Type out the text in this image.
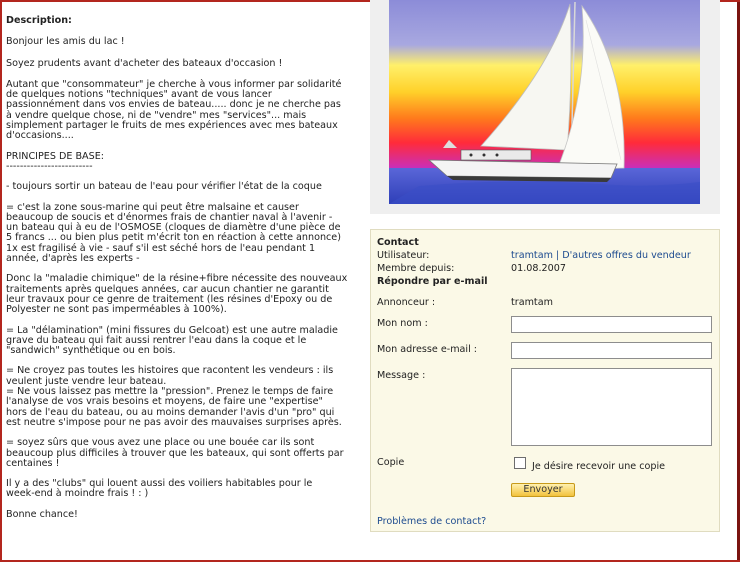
Description:

Bonjour les amis du lac !

Soyez prudents avant d'acheter des bateaux d'occasion !

Autant que "consommateur" je cherche à vous informer par solidarité
de quelques notions "techniques" avant de vous lancer
passionnément dans vos envies de bateau..... donc je ne cherche pas
à vendre quelque chose, ni de "vendre" mes "services"... mais
simplement partager le fruits de mes expériences avec mes bateaux
d'occasions....

PRINCIPES DE BASE:
-------------------------

- toujours sortir un bateau de l'eau pour vérifier l'état de la coque

= c'est la zone sous-marine qui peut être malsaine et causer
beaucoup de soucis et d'énormes frais de chantier naval à l'avenir -
un bateau qui à eu de l'OSMOSE (cloques de diamètre d'une pièce de
5 francs ... ou bien plus petit m'écrit ton en réaction à cette annonce)
1x est fragilisé à vie - sauf s'il est séché hors de l'eau pendant 1
année, d'après les experts -

Donc la "maladie chimique" de la résine+fibre nécessite des nouveaux
traitements après quelques années, car aucun chantier ne garantit
leur travaux pour ce genre de traitement (les résines d'Epoxy ou de
Polyester ne sont pas imperméables à 100%).

= La "délamination" (mini fissures du Gelcoat) est une autre maladie
grave du bateau qui fait aussi rentrer l'eau dans la coque et le
"sandwich" synthétique ou en bois.

= Ne croyez pas toutes les histoires que racontent les vendeurs : ils
veulent juste vendre leur bateau.
= Ne vous laissez pas mettre la "pression". Prenez le temps de faire
l'analyse de vos vrais besoins et moyens, de faire une "expertise"
hors de l'eau du bateau, ou au moins demander l'avis d'un "pro" qui
est neutre s'impose pour ne pas avoir des mauvaises surprises après.

= soyez sûrs que vous avez une place ou une bouée car ils sont
beaucoup plus difficiles à trouver que les bateaux, qui sont offerts par
centaines !

Il y a des "clubs" qui louent aussi des voiliers habitables pour le
week-end à moindre frais ! : )

Bonne chance!

Contact
Utilisateur:	tramtam | D'autres offres du vendeur
Membre depuis:	01.08.2007
Répondre par e-mail
Annonceur :	tramtam
Mon nom :
Mon adresse e-mail :
Message :
Copie	Je désire recevoir une copie
Envoyer
Problèmes de contact?
